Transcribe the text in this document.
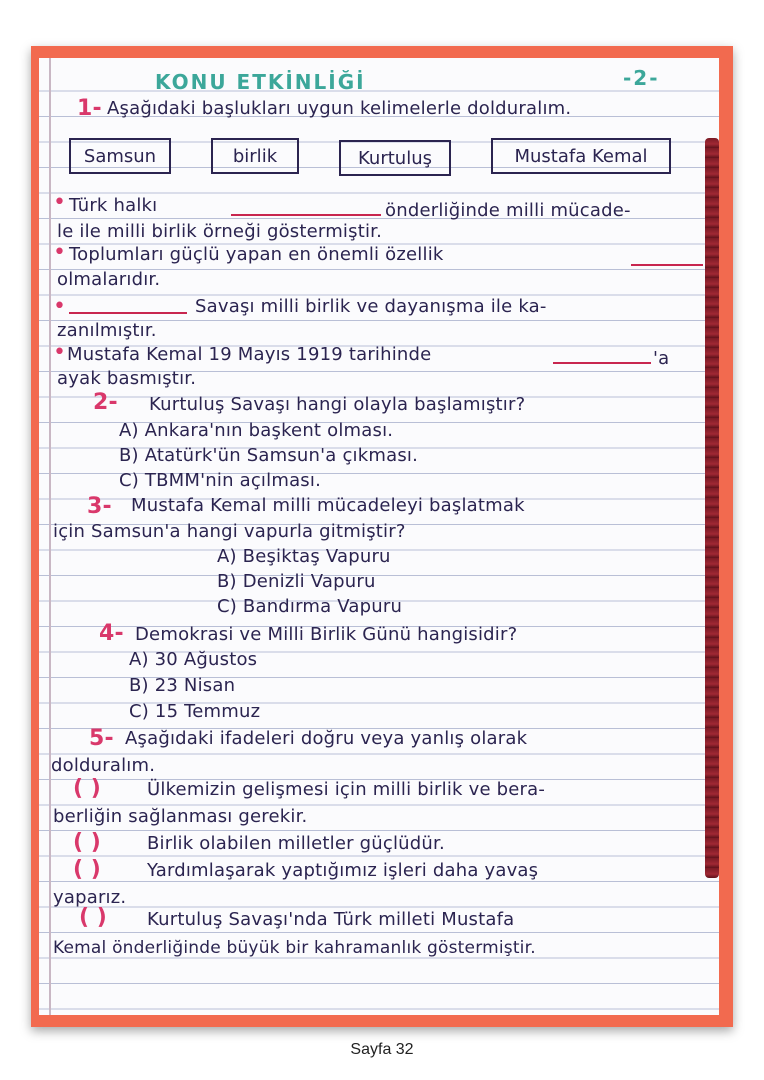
KONU ETKİNLİĞİ	-2-
1- Aşağıdaki başlukları uygun kelimelerle dolduralım.
Samsun	birlik	Kurtuluş	Mustafa Kemal
• Türk halkı	önderliğinde milli mücade-
le ile milli birlik örneği göstermiştir.
• Toplumları güçlü yapan en önemli özellik
olmalarıdır.
•	Savaşı milli birlik ve dayanışma ile ka-
zanılmıştır.
• Mustafa Kemal 19 Mayıs 1919 tarihinde	'a
ayak basmıştır.
2- Kurtuluş Savaşı hangi olayla başlamıştır?
A) Ankara'nın başkent olması.
B) Atatürk'ün Samsun'a çıkması.
C) TBMM'nin açılması.
3- Mustafa Kemal milli mücadeleyi başlatmak
için Samsun'a hangi vapurla gitmiştir?
A) Beşiktaş Vapuru
B) Denizli Vapuru
C) Bandırma Vapuru
4- Demokrasi ve Milli Birlik Günü hangisidir?
A) 30 Ağustos
B) 23 Nisan
C) 15 Temmuz
5- Aşağıdaki ifadeleri doğru veya yanlış olarak
dolduralım.
( )	Ülkemizin gelişmesi için milli birlik ve bera-
berliğin sağlanması gerekir.
( )	Birlik olabilen milletler güçlüdür.
( )	Yardımlaşarak yaptığımız işleri daha yavaş
yaparız.
( ) Kurtuluş Savaşı'nda Türk milleti Mustafa
Kemal önderliğinde büyük bir kahramanlık göstermiştir.
Sayfa 32
